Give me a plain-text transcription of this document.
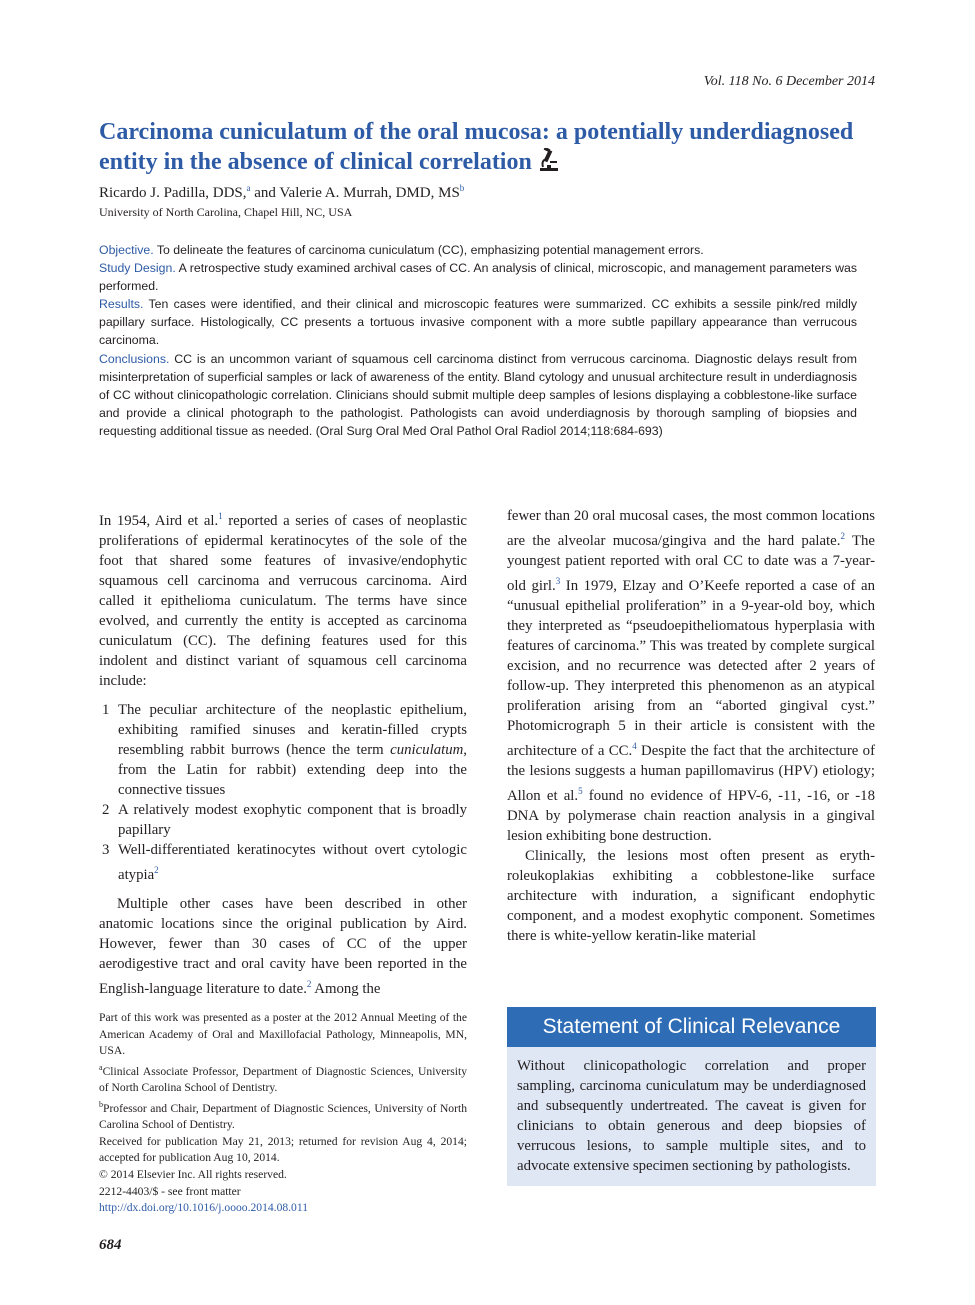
Vol. 118 No. 6 December 2014
Carcinoma cuniculatum of the oral mucosa: a potentially underdiagnosed entity in the absence of clinical correlation
Ricardo J. Padilla, DDS,$^a$ and Valerie A. Murrah, DMD, $MS^b$
University of North Carolina, Chapel Hill, NC, USA

Objective. To delineate the features of carcinoma cuniculatum (CC), emphasizing potential management errors.

Study Design. A retrospective study examined archival cases of CC. An analysis of clinical, microscopic, and management parameters was performed.

Results. Ten cases were identified, and their clinical and microscopic features were summarized. CC exhibits a sessile pink/red mildly papillary surface. Histologically, CC presents a tortuous invasive component with a more subtle papillary appearance than verrucous carcinoma.

Conclusions. CC is an uncommon variant of squamous cell carcinoma distinct from verrucous carcinoma. Diagnostic delays result from misinterpretation of superficial samples or lack of awareness of the entity. Bland cytology and unusual architecture result in underdiagnosis of CC without clinicopathologic correlation. Clinicians should submit multiple deep samples of lesions displaying a cobblestone-like surface and provide a clinical photograph to the pathologist. Pathologists can avoid underdiagnosis by thorough sampling of biopsies and requesting additional tissue as needed. (Oral Surg Oral Med Oral Pathol Oral Radiol 2014;118:684-693)

In 1954, Aird et al.$^1$ reported a series of cases of neoplastic proliferations of epidermal keratinocytes of the sole of the foot that shared some features of invasive/endophytic squamous cell carcinoma and verrucous carcinoma. Aird called it epithelioma cuniculatum. The terms have since evolved, and currently the entity is accepted as carcinoma cuniculatum (CC). The defining features used for this indolent and distinct variant of squamous cell carcinoma include:

1 The peculiar architecture of the neoplastic epithelium, exhibiting ramified sinuses and keratin-filled crypts resembling rabbit burrows (hence the term cuniculatum, from the Latin for rabbit) extending deep into the connective tissues
2 A relatively modest exophytic component that is broadly papillary
3 Well-differentiated keratinocytes without overt cytologic atypia$^2$

Multiple other cases have been described in other anatomic locations since the original publication by Aird. However, fewer than 30 cases of CC of the upper aerodigestive tract and oral cavity have been reported in the English-language literature to date.$^2$ Among the

fewer than 20 oral mucosal cases, the most common locations are the alveolar mucosa/gingiva and the hard palate.$^2$ The youngest patient reported with oral CC to date was a 7-year-old girl.$^3$ In 1979, Elzay and O’Keefe reported a case of an “unusual epithelial proliferation” in a 9-year-old boy, which they interpreted as “pseudoepitheliomatous hyperplasia with features of carcinoma.” This was treated by complete surgical excision, and no recurrence was detected after 2 years of follow-up. They interpreted this phenomenon as an atypical proliferation arising from an “aborted gingival cyst.” Photomicrograph 5 in their article is consistent with the architecture of a CC.$^4$ Despite the fact that the architecture of the lesions suggests a human papillomavirus (HPV) etiology; Allon et al.$^5$ found no evidence of HPV-6, -11, -16, or -18 DNA by polymerase chain reaction analysis in a gingival lesion exhibiting bone destruction.

Clinically, the lesions most often present as erythroleukoplakias exhibiting a cobblestone-like surface architecture with induration, a significant endophytic component, and a modest exophytic component. Sometimes there is white-yellow keratin-like material

Part of this work was presented as a poster at the 2012 Annual Meeting of the American Academy of Oral and Maxillofacial Pathology, Minneapolis, MN, USA.

$^a$Clinical Associate Professor, Department of Diagnostic Sciences, University of North Carolina School of Dentistry.

$^b$Professor and Chair, Department of Diagnostic Sciences, University of North Carolina School of Dentistry.

Received for publication May 21, 2013; returned for revision Aug 4, 2014; accepted for publication Aug 10, 2014.

© 2014 Elsevier Inc. All rights reserved.

2212-4403/$ - see front matter

http://dx.doi.org/10.1016/j.oooo.2014.08.011

Statement of Clinical Relevance
Without clinicopathologic correlation and proper sampling, carcinoma cuniculatum may be underdiagnosed and subsequently undertreated. The caveat is given for clinicians to obtain generous and deep biopsies of verrucous lesions, to sample multiple sites, and to advocate extensive specimen sectioning by pathologists.
684
